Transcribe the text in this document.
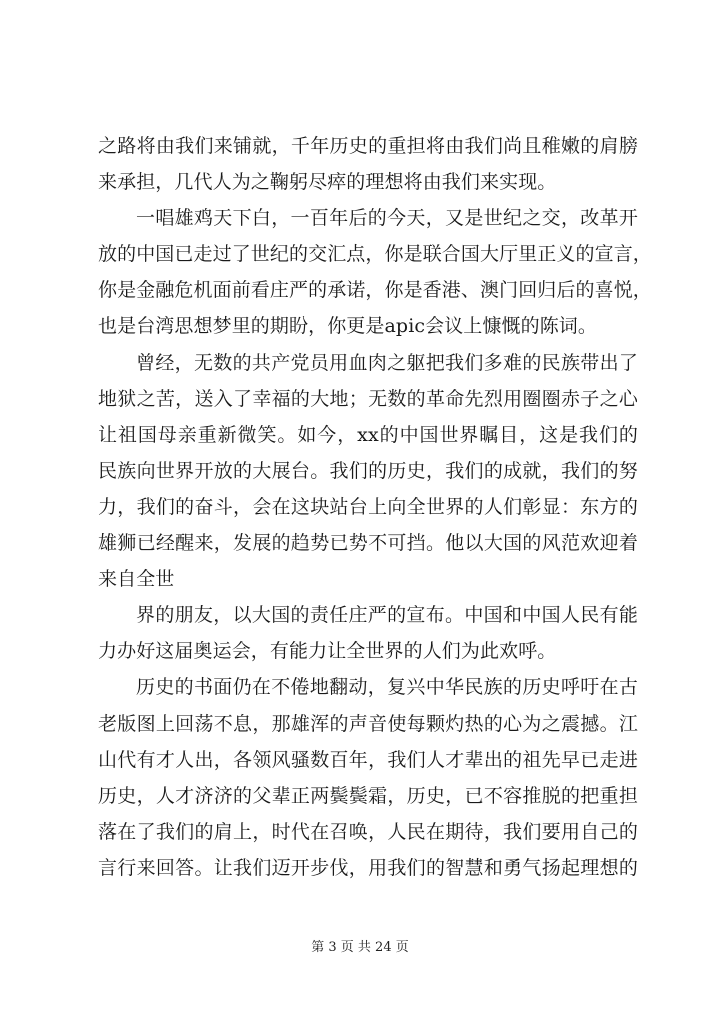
之路将由我们来铺就，千年历史的重担将由我们尚且稚嫩的肩膀
来承担，几代人为之鞠躬尽瘁的理想将由我们来实现。
一唱雄鸡天下白，一百年后的今天，又是世纪之交，改革开
放的中国已走过了世纪的交汇点，你是联合国大厅里正义的宣言，
你是金融危机面前看庄严的承诺，你是香港、澳门回归后的喜悦，
也是台湾思想梦里的期盼，你更是apic会议上慷慨的陈词。
曾经，无数的共产党员用血肉之躯把我们多难的民族带出了
地狱之苦，送入了幸福的大地；无数的革命先烈用圈圈赤子之心
让祖国母亲重新微笑。如今，xx的中国世界瞩目，这是我们的
民族向世界开放的大展台。我们的历史，我们的成就，我们的努
力，我们的奋斗，会在这块站台上向全世界的人们彰显：东方的
雄狮已经醒来，发展的趋势已势不可挡。他以大国的风范欢迎着
来自全世
界的朋友，以大国的责任庄严的宣布。中国和中国人民有能
力办好这届奥运会，有能力让全世界的人们为此欢呼。
历史的书面仍在不倦地翻动，复兴中华民族的历史呼吁在古
老版图上回荡不息，那雄浑的声音使每颗灼热的心为之震撼。江
山代有才人出，各领风骚数百年，我们人才辈出的祖先早已走进
历史，人才济济的父辈正两鬓鬓霜，历史，已不容推脱的把重担
落在了我们的肩上，时代在召唤，人民在期待，我们要用自己的
言行来回答。让我们迈开步伐，用我们的智慧和勇气扬起理想的
第 3 页 共 24 页
